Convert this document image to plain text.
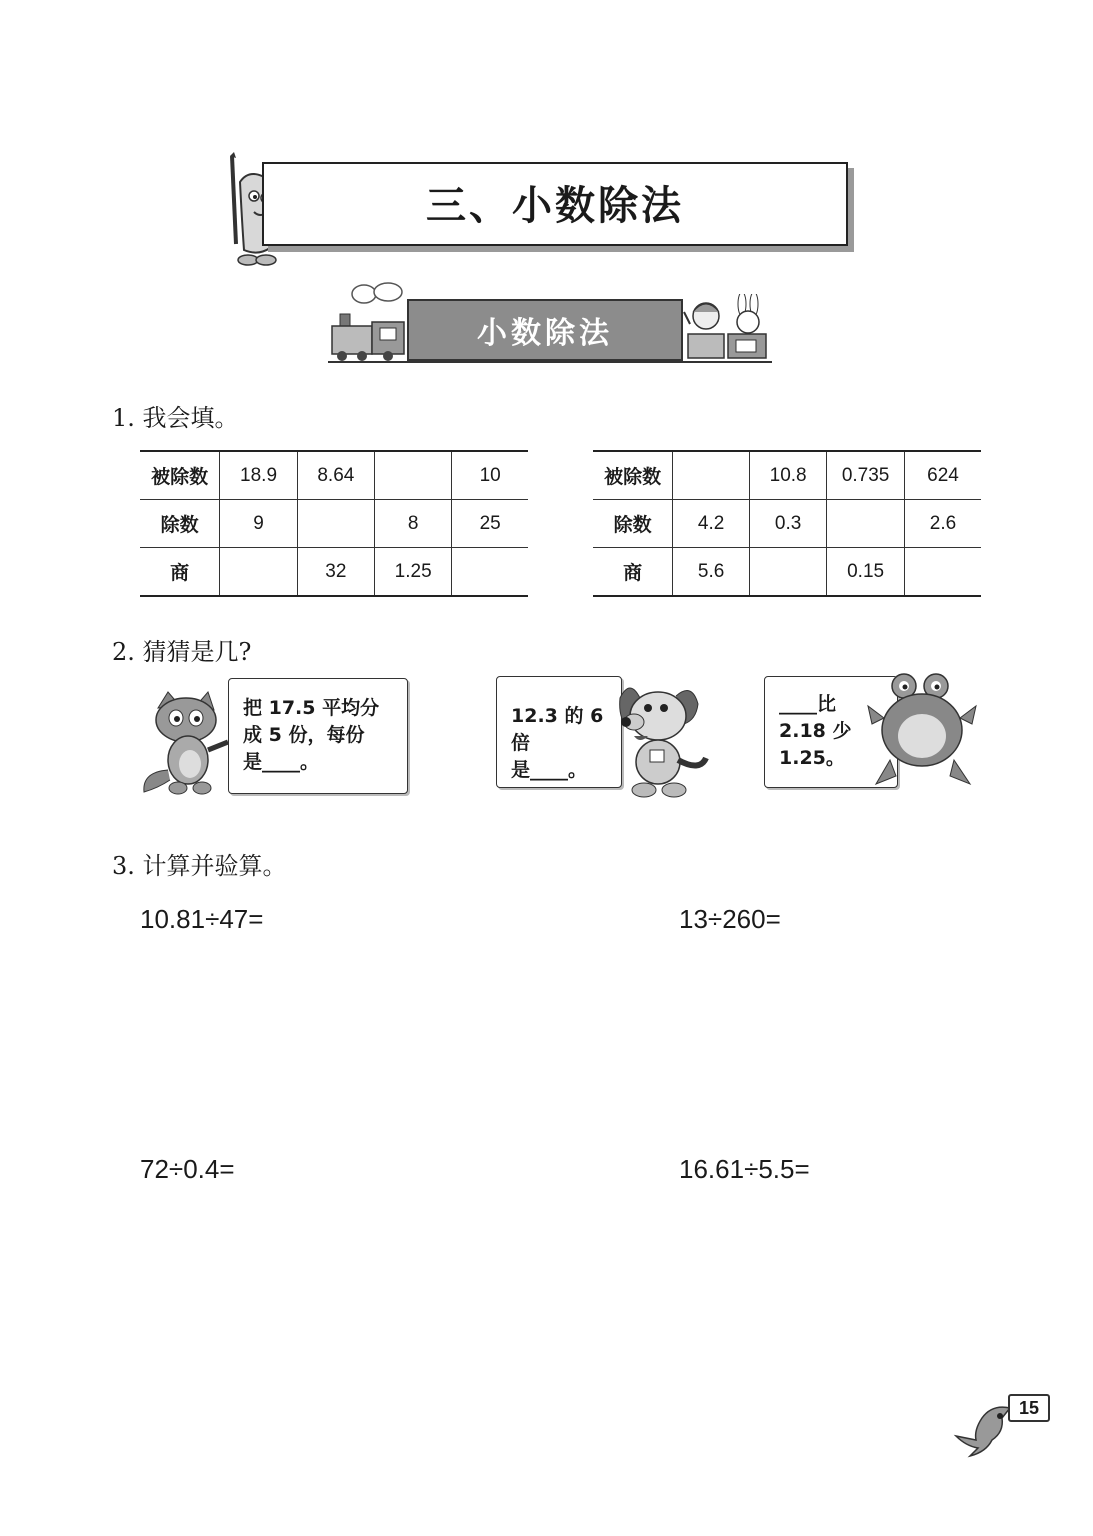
三、小数除法
小数除法
1. 我会填。
被除数	18.9	8.64		10
除数	9		8	25
商		32	1.25	
被除数		10.8	0.735	624
除数	4.2	0.3		2.6
商	5.6		0.15	
2. 猜猜是几?
把 17.5 平均分
成 5 份，每份
是____。
12.3 的 6 倍
是____。
____比
2.18 少
1.25。
3. 计算并验算。
10.81÷47=	13÷260=
72÷0.4=	16.61÷5.5=
15
